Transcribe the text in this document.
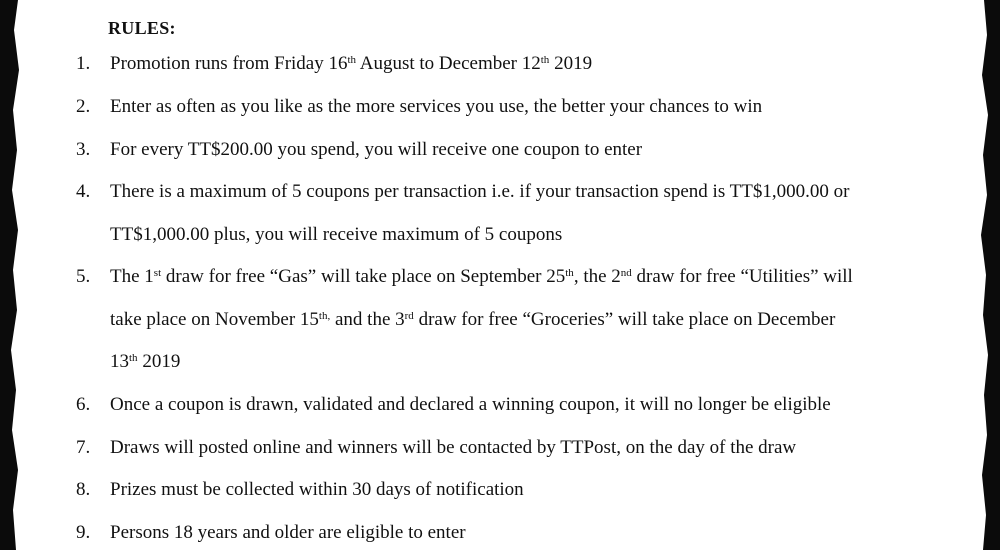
RULES:
1. Promotion runs from Friday 16th August to December 12th 2019
2. Enter as often as you like as the more services you use, the better your chances to win
3. For every TT$200.00 you spend, you will receive one coupon to enter
4. There is a maximum of 5 coupons per transaction i.e. if your transaction spend is TT$1,000.00 or
TT$1,000.00 plus, you will receive maximum of 5 coupons
5. The 1st draw for free “Gas” will take place on September 25th, the 2nd draw for free “Utilities” will
take place on November $15^{th,}$ and the 3rd draw for free “Groceries” will take place on December
13th 2019
6. Once a coupon is drawn, validated and declared a winning coupon, it will no longer be eligible
7. Draws will posted online and winners will be contacted by TTPost, on the day of the draw
8. Prizes must be collected within 30 days of notification
9. Persons 18 years and older are eligible to enter
